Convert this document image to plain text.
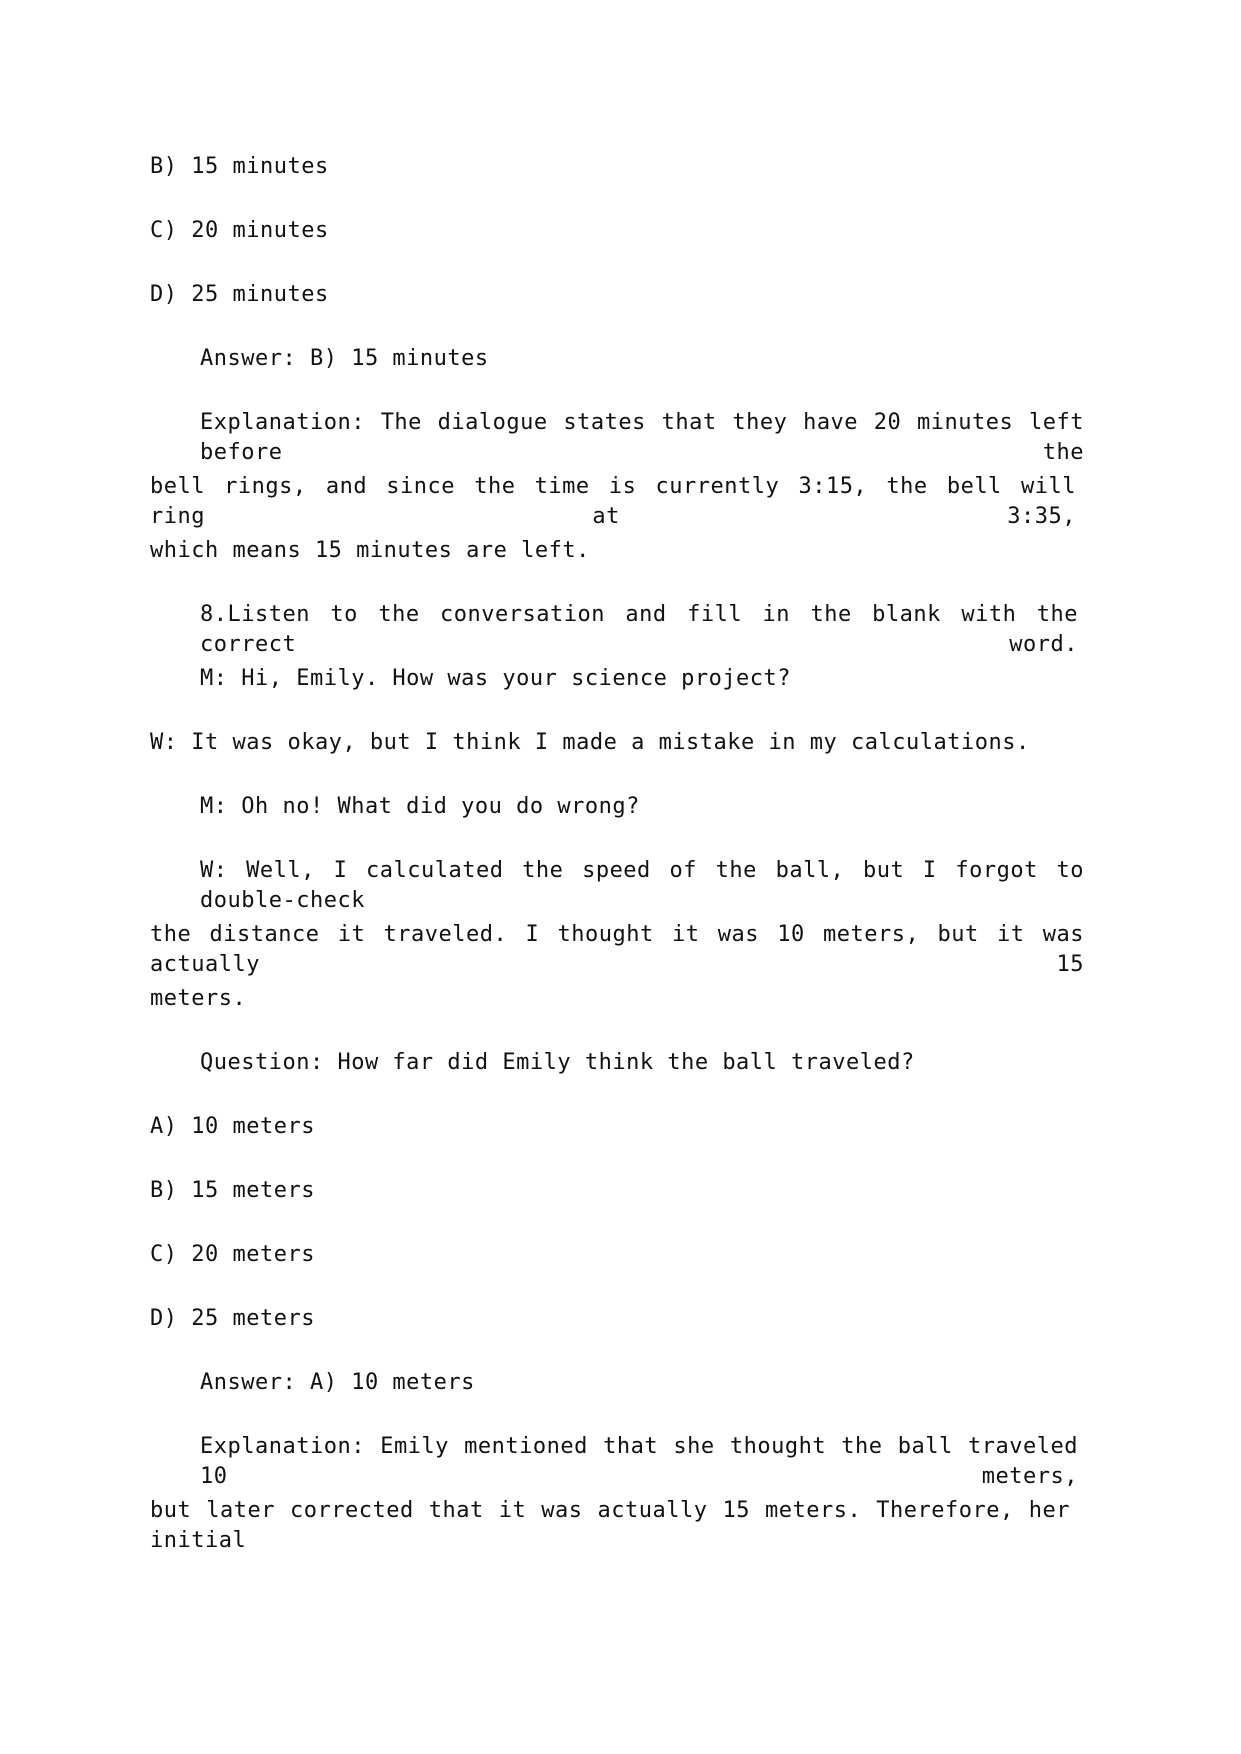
B) 15 minutes
C) 20 minutes
D) 25 minutes
Answer: B) 15 minutes
Explanation: The dialogue states that they have 20 minutes left before the
bell rings, and since the time is currently 3:15, the bell will ring at 3:35,
which means 15 minutes are left.
8.Listen to the conversation and fill in the blank with the correct word.
M: Hi, Emily. How was your science project?
W: It was okay, but I think I made a mistake in my calculations.
M: Oh no! What did you do wrong?
W: Well, I calculated the speed of the ball, but I forgot to double-check
the distance it traveled. I thought it was 10 meters, but it was actually 15
meters.
Question: How far did Emily think the ball traveled?
A) 10 meters
B) 15 meters
C) 20 meters
D) 25 meters
Answer: A) 10 meters
Explanation: Emily mentioned that she thought the ball traveled 10 meters,
but later corrected that it was actually 15 meters. Therefore, her initial
